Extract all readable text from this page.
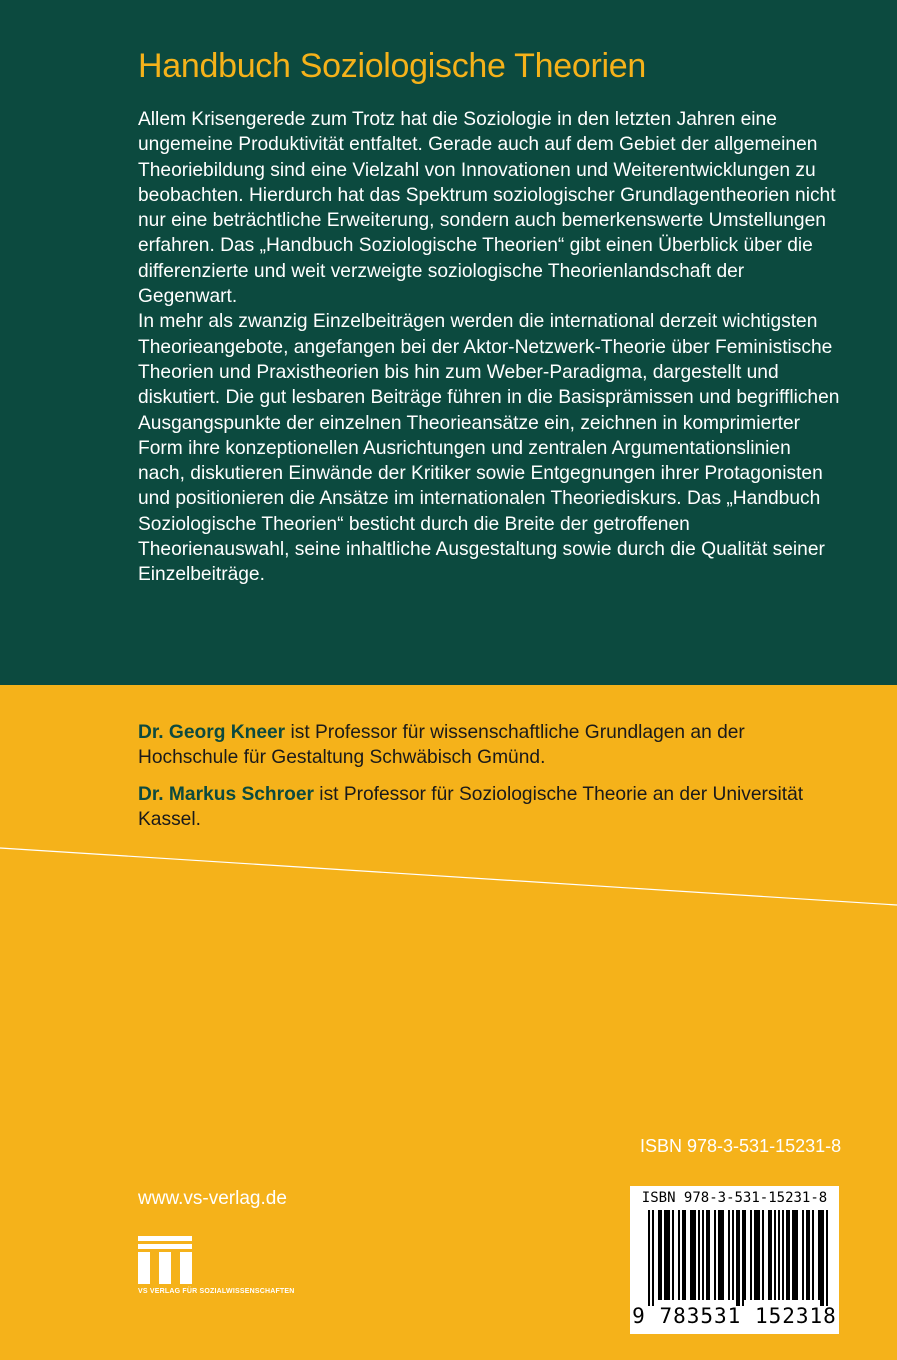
Handbuch Soziologische Theorien

Allem Krisengerede zum Trotz hat die Soziologie in den letzten Jahren eine ungemeine Produktivität entfaltet. Gerade auch auf dem Gebiet der allgemeinen Theoriebildung sind eine Vielzahl von Innovationen und Weiterentwicklungen zu beobachten. Hierdurch hat das Spektrum soziologischer Grundlagentheorien nicht nur eine beträchtliche Erweiterung, sondern auch bemerkenswerte Umstellungen erfahren. Das „Handbuch Soziologische Theorien“ gibt einen Überblick über die differenzierte und weit verzweigte soziologische Theorienlandschaft der Gegenwart.

In mehr als zwanzig Einzelbeiträgen werden die international derzeit wichtigsten Theorieangebote, angefangen bei der Aktor-Netzwerk-Theorie über Feministische Theorien und Praxistheorien bis hin zum Weber-Paradigma, dargestellt und diskutiert. Die gut lesbaren Beiträge führen in die Basisprämissen und begrifflichen Ausgangspunkte der einzelnen Theorieansätze ein, zeichnen in komprimierter Form ihre konzeptionellen Ausrichtungen und zentralen Argumentationslinien nach, diskutieren Einwände der Kritiker sowie Entgegnungen ihrer Protagonisten und positionieren die Ansätze im internationalen Theoriediskurs. Das „Handbuch Soziologische Theorien“ besticht durch die Breite der getroffenen Theorienauswahl, seine inhaltliche Ausgestaltung sowie durch die Qualität seiner Einzelbeiträge.

Dr. Georg Kneer ist Professor für wissenschaftliche Grundlagen an der Hochschule für Gestaltung Schwäbisch Gmünd.

Dr. Markus Schroer ist Professor für Soziologische Theorie an der Universität Kassel.

ISBN 978-3-531-15231-8
www.vs-verlag.de
VS VERLAG FÜR SOZIALWISSENSCHAFTEN
ISBN 978-3-531-15231-8
9 783531 152318
